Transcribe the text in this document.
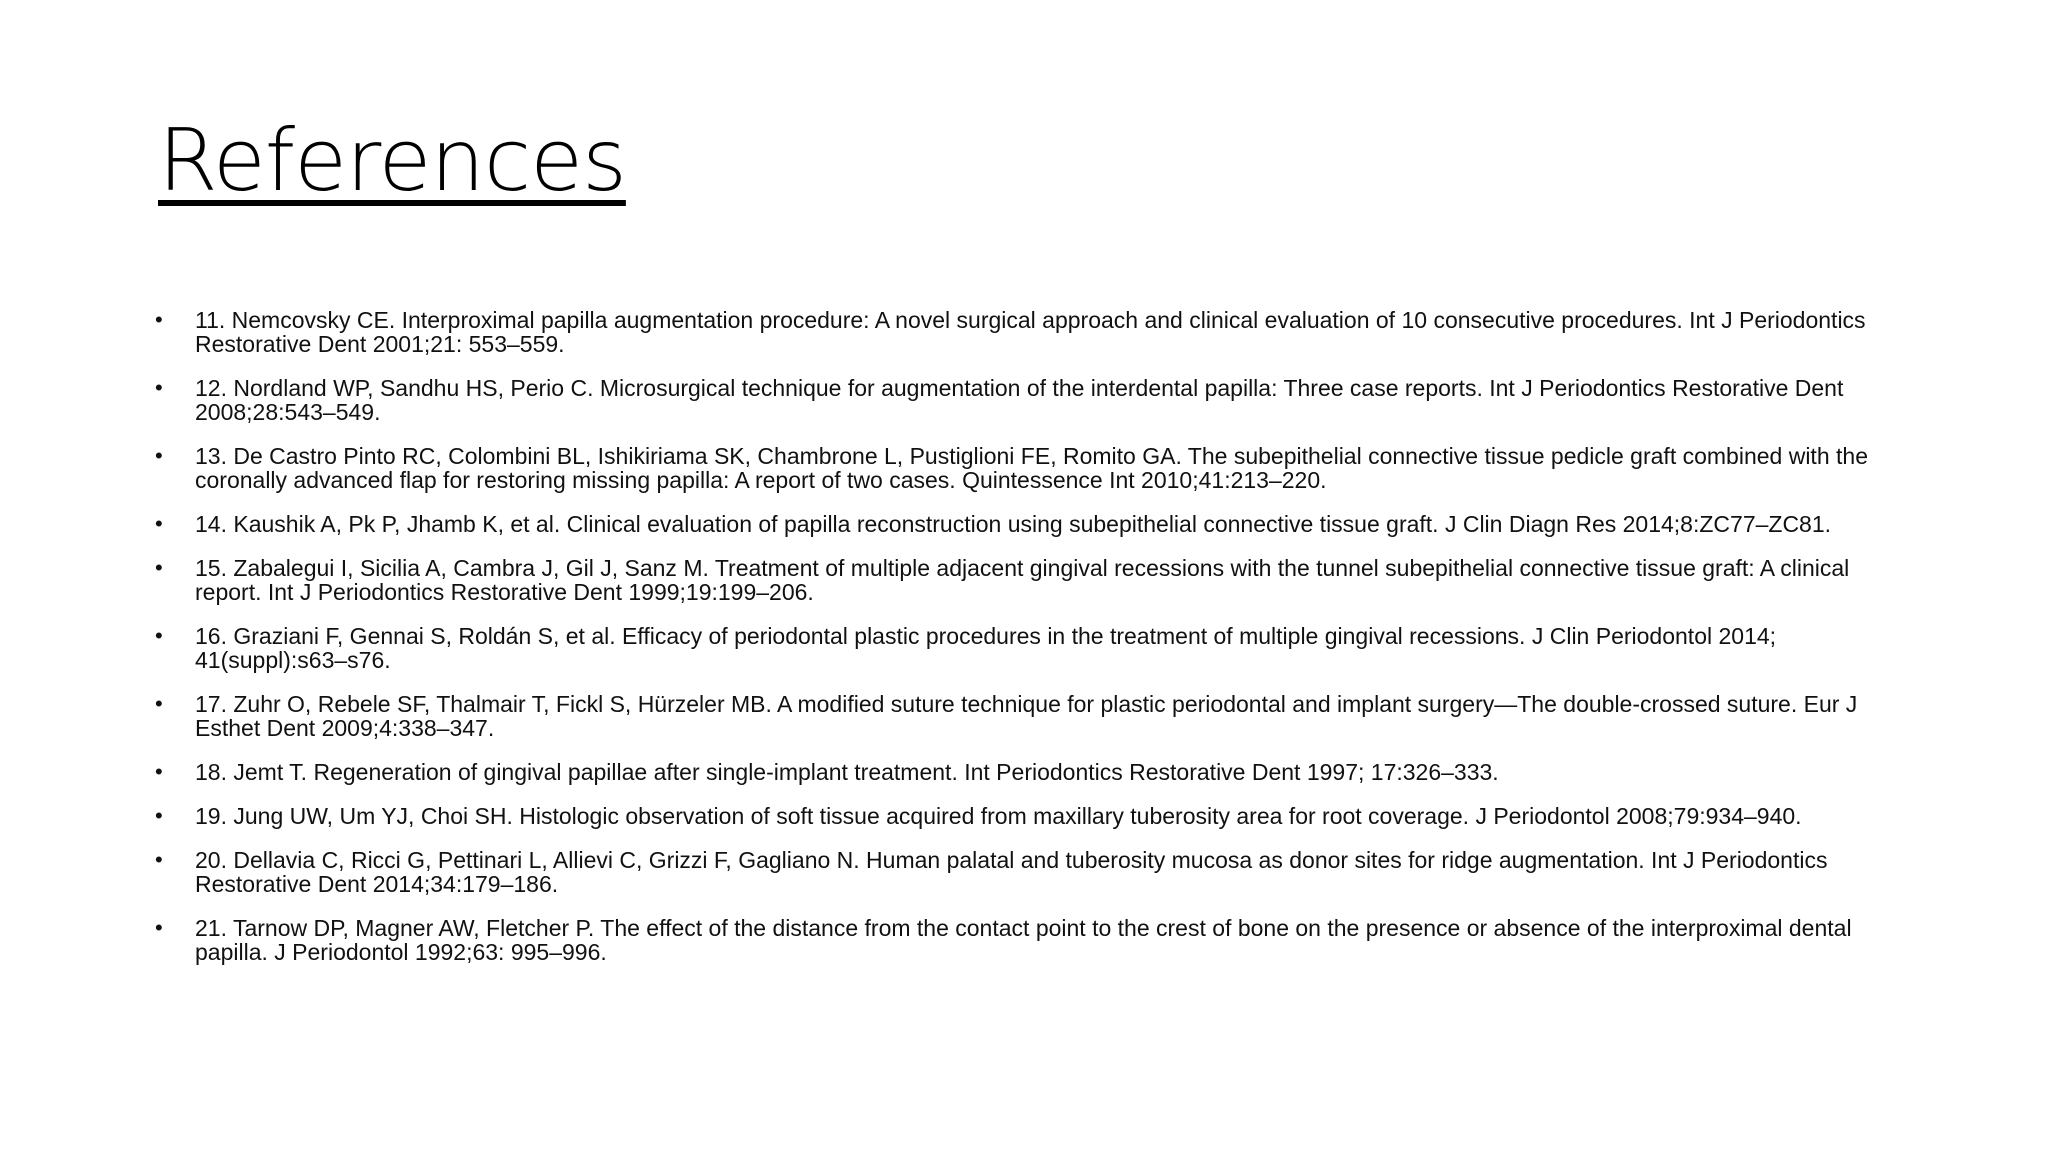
References
• 11. Nemcovsky CE. Interproximal papilla augmentation procedure: A novel surgical approach and clinical evaluation of 10 consecutive procedures. Int J Periodontics Restorative Dent 2001;21: 553–559.
• 12. Nordland WP, Sandhu HS, Perio C. Microsurgical technique for augmentation of the interdental papilla: Three case reports. Int J Periodontics Restorative Dent 2008;28:543–549.
• 13. De Castro Pinto RC, Colombini BL, Ishikiriama SK, Chambrone L, Pustiglioni FE, Romito GA. The subepithelial connective tissue pedicle graft combined with the coronally advanced flap for restoring missing papilla: A report of two cases. Quintessence Int 2010;41:213–220.
• 14. Kaushik A, Pk P, Jhamb K, et al. Clinical evaluation of papilla reconstruction using subepithelial connective tissue graft. J Clin Diagn Res 2014;8:ZC77–ZC81.
• 15. Zabalegui I, Sicilia A, Cambra J, Gil J, Sanz M. Treatment of multiple adjacent gingival recessions with the tunnel subepithelial connective tissue graft: A clinical report. Int J Periodontics Restorative Dent 1999;19:199–206.
• 16. Graziani F, Gennai S, Roldán S, et al. Efficacy of periodontal plastic procedures in the treatment of multiple gingival recessions. J Clin Periodontol 2014; 41(suppl):s63–s76.
• 17. Zuhr O, Rebele SF, Thalmair T, Fickl S, Hürzeler MB. A modified suture technique for plastic periodontal and implant surgery—The double-crossed suture. Eur J Esthet Dent 2009;4:338–347.
• 18. Jemt T. Regeneration of gingival papillae after single-implant treatment. Int Periodontics Restorative Dent 1997; 17:326–333.
• 19. Jung UW, Um YJ, Choi SH. Histologic observation of soft tissue acquired from maxillary tuberosity area for root coverage. J Periodontol 2008;79:934–940.
• 20. Dellavia C, Ricci G, Pettinari L, Allievi C, Grizzi F, Gagliano N. Human palatal and tuberosity mucosa as donor sites for ridge augmentation. Int J Periodontics Restorative Dent 2014;34:179–186.
• 21. Tarnow DP, Magner AW, Fletcher P. The effect of the distance from the contact point to the crest of bone on the presence or absence of the interproximal dental papilla. J Periodontol 1992;63: 995–996.
